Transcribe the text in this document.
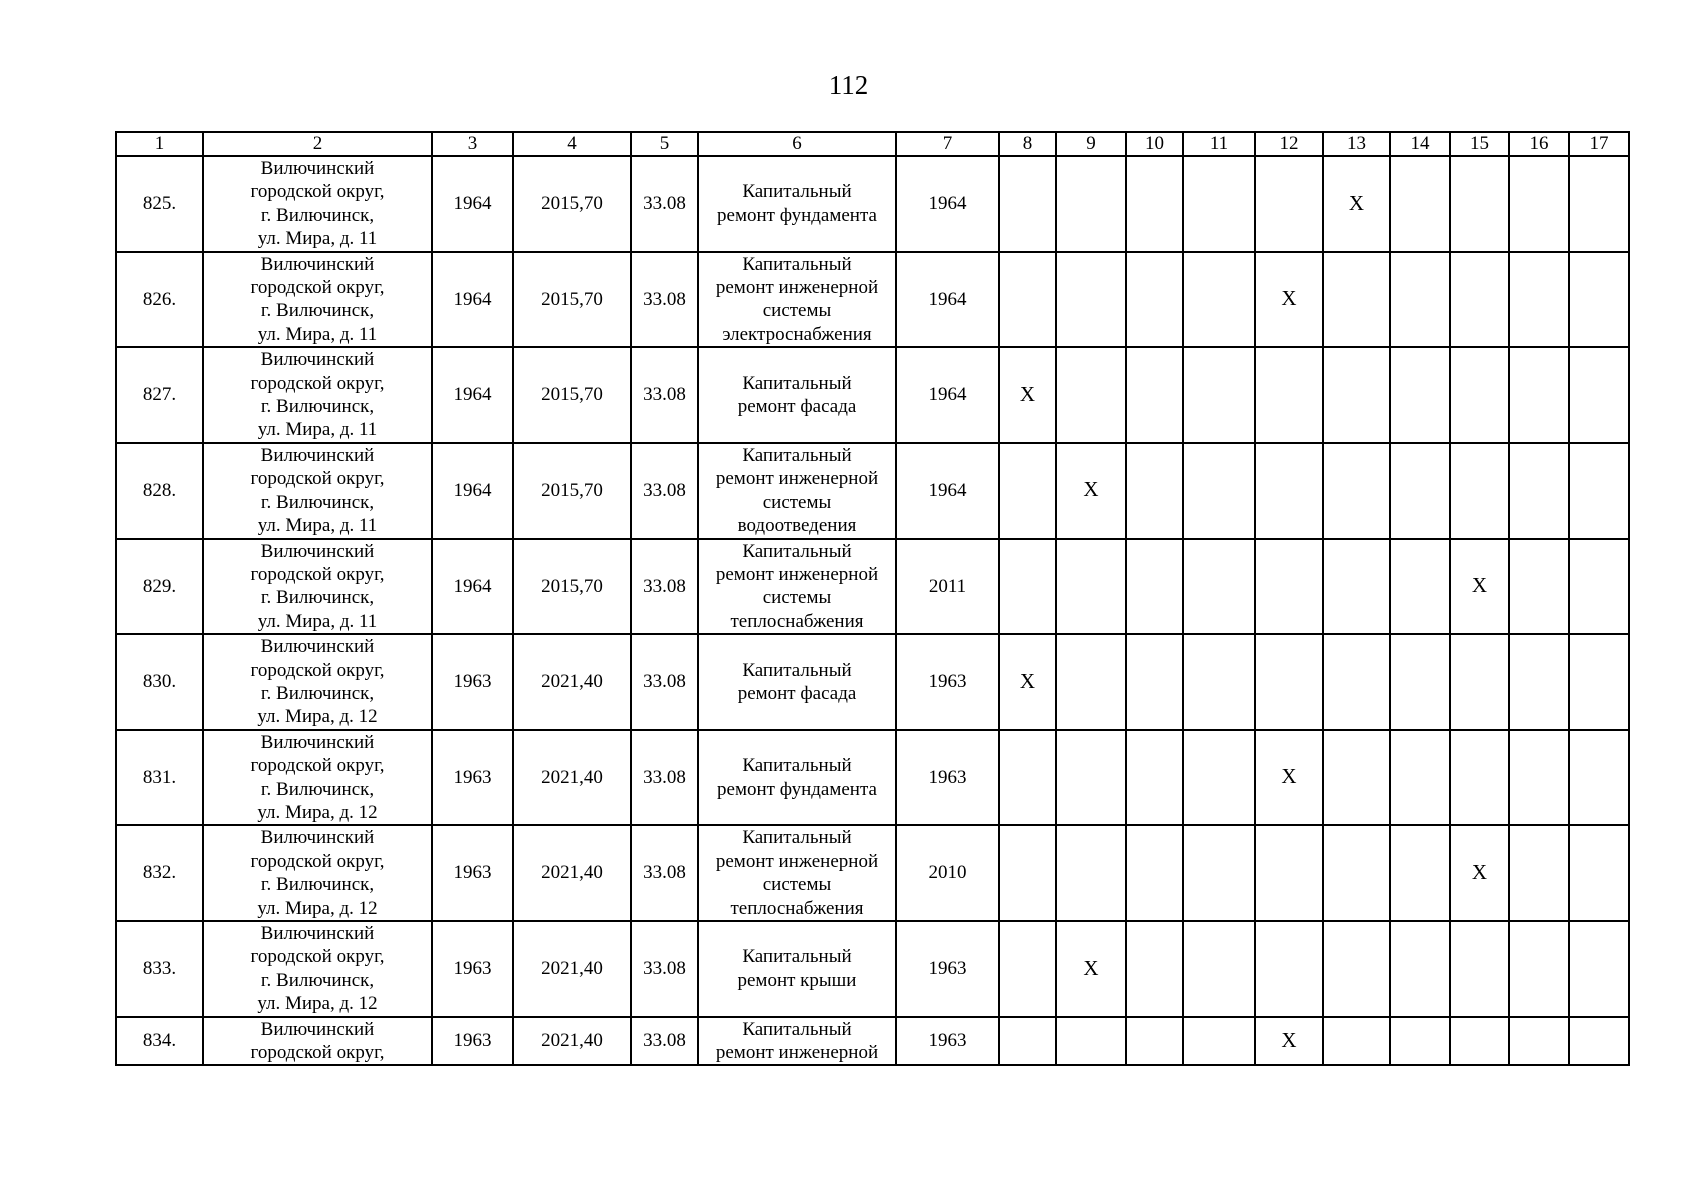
112
1	2	3	4	5	6	7	8	9	10	11	12	13	14	15	16	17
825.	Вилючинский
городской округ,
г. Вилючинск,
ул. Мира, д. 11	1964	2015,70	33.08	Капитальный
ремонт фундамента	1964						X				
826.	Вилючинский
городской округ,
г. Вилючинск,
ул. Мира, д. 11	1964	2015,70	33.08	Капитальный
ремонт инженерной
системы
электроснабжения	1964					X					
827.	Вилючинский
городской округ,
г. Вилючинск,
ул. Мира, д. 11	1964	2015,70	33.08	Капитальный
ремонт фасада	1964	X									
828.	Вилючинский
городской округ,
г. Вилючинск,
ул. Мира, д. 11	1964	2015,70	33.08	Капитальный
ремонт инженерной
системы
водоотведения	1964		X								
829.	Вилючинский
городской округ,
г. Вилючинск,
ул. Мира, д. 11	1964	2015,70	33.08	Капитальный
ремонт инженерной
системы
теплоснабжения	2011								X		
830.	Вилючинский
городской округ,
г. Вилючинск,
ул. Мира, д. 12	1963	2021,40	33.08	Капитальный
ремонт фасада	1963	X									
831.	Вилючинский
городской округ,
г. Вилючинск,
ул. Мира, д. 12	1963	2021,40	33.08	Капитальный
ремонт фундамента	1963					X					
832.	Вилючинский
городской округ,
г. Вилючинск,
ул. Мира, д. 12	1963	2021,40	33.08	Капитальный
ремонт инженерной
системы
теплоснабжения	2010								X		
833.	Вилючинский
городской округ,
г. Вилючинск,
ул. Мира, д. 12	1963	2021,40	33.08	Капитальный
ремонт крыши	1963		X								
834.	Вилючинский
городской округ,	1963	2021,40	33.08	Капитальный
ремонт инженерной	1963					X					
